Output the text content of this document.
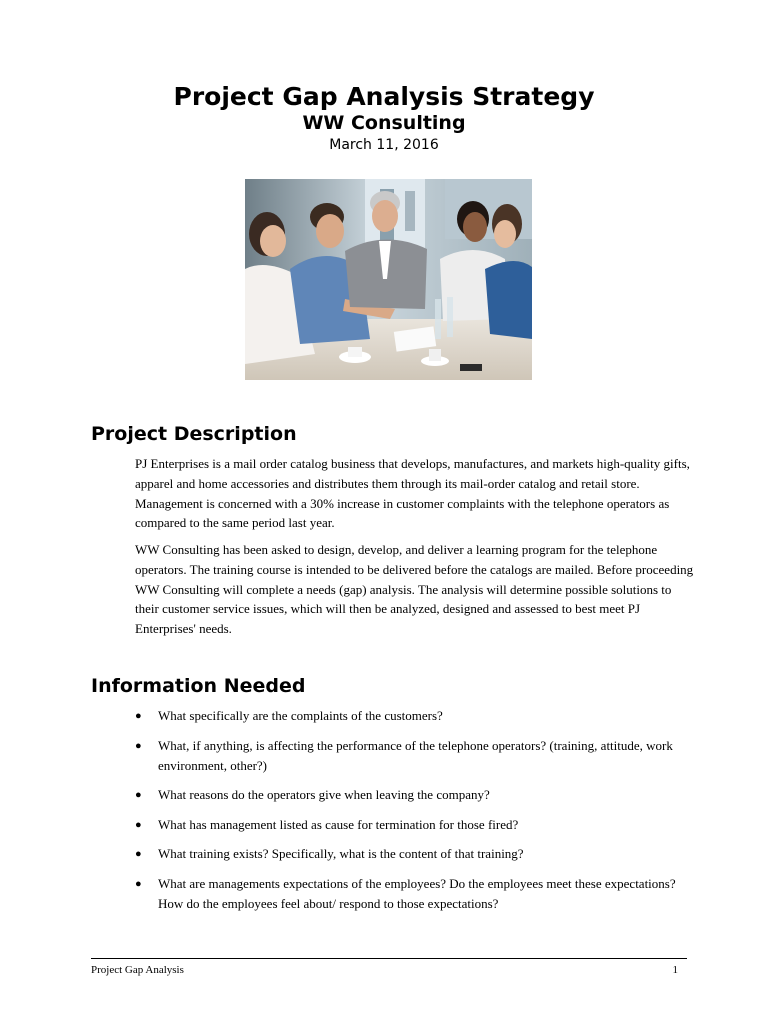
Project Gap Analysis Strategy
WW Consulting
March 11, 2016
Project Description

PJ Enterprises is a mail order catalog business that develops, manufactures, and markets high-quality gifts, apparel and home accessories and distributes them through its mail-order catalog and retail store. Management is concerned with a 30% increase in customer complaints with the telephone operators as compared to the same period last year.

WW Consulting has been asked to design, develop, and deliver a learning program for the telephone operators. The training course is intended to be delivered before the catalogs are mailed. Before proceeding WW Consulting will complete a needs (gap) analysis. The analysis will determine possible solutions to their customer service issues, which will then be analyzed, designed and assessed to best meet PJ Enterprises' needs.

Information Needed
● What specifically are the complaints of the customers?
● What, if anything, is affecting the performance of the telephone operators? (training, attitude, work environment, other?)
● What reasons do the operators give when leaving the company?
● What has management listed as cause for termination for those fired?
● What training exists? Specifically, what is the content of that training?
● What are managements expectations of the employees? Do the employees meet these expectations? How do the employees feel about/ respond to those expectations?
Project Gap Analysis	1
